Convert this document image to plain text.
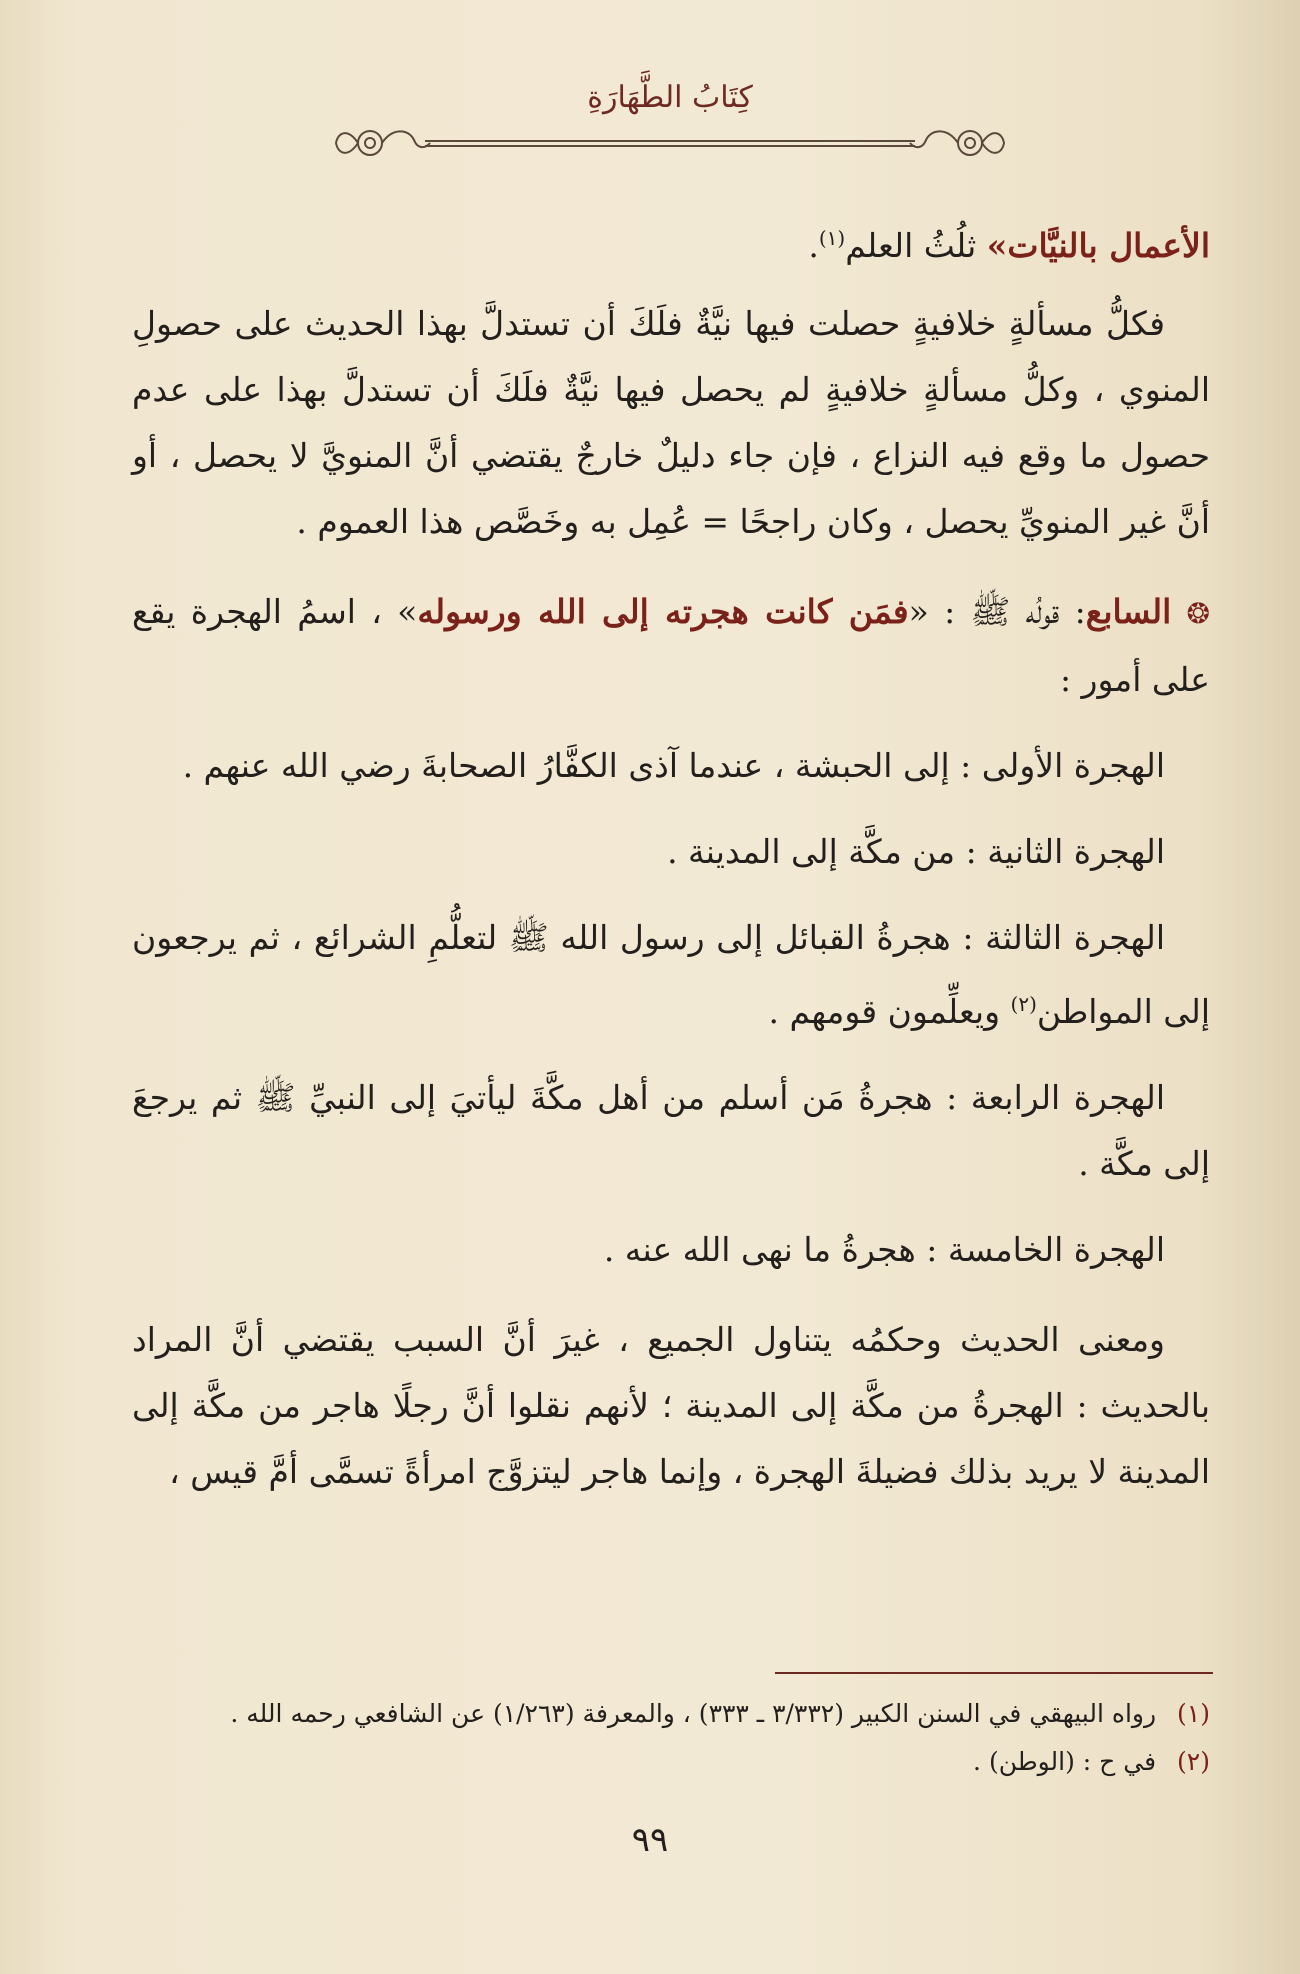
كِتَابُ الطَّهَارَةِ

الأعمال بالنيَّات» ثلُثُ العلم$^{(١)}$.

فكلُّ مسألةٍ خلافيةٍ حصلت فيها نيَّةٌ فلَكَ أن تستدلَّ بهذا الحديث على حصولِ المنوي ، وكلُّ مسألةٍ خلافيةٍ لم يحصل فيها نيَّةٌ فلَكَ أن تستدلَّ بهذا على عدم حصول ما وقع فيه النزاع ، فإن جاء دليلٌ خارجٌ يقتضي أنَّ المنويَّ لا يحصل ، أو أنَّ غير المنويِّ يحصل ، وكان راجحًا = عُمِل به وخَصَّص هذا العموم .

❂ السابع: قولُه ﷺ : «فمَن كانت هجرته إلى الله ورسوله» ، اسمُ الهجرة يقع على أمور :

الهجرة الأولى : إلى الحبشة ، عندما آذى الكفَّارُ الصحابةَ رضي الله عنهم .

الهجرة الثانية : من مكَّة إلى المدينة .

الهجرة الثالثة : هجرةُ القبائل إلى رسول الله ﷺ لتعلُّمِ الشرائع ، ثم يرجعون إلى المواطن$^{(٢)}$ ويعلِّمون قومهم .

الهجرة الرابعة : هجرةُ مَن أسلم من أهل مكَّةَ ليأتيَ إلى النبيِّ ﷺ ثم يرجعَ إلى مكَّة .

الهجرة الخامسة : هجرةُ ما نهى الله عنه .

ومعنى الحديث وحكمُه يتناول الجميع ، غيرَ أنَّ السبب يقتضي أنَّ المراد بالحديث : الهجرةُ من مكَّة إلى المدينة ؛ لأنهم نقلوا أنَّ رجلًا هاجر من مكَّة إلى المدينة لا يريد بذلك فضيلةَ الهجرة ، وإنما هاجر ليتزوَّج امرأةً تسمَّى أمَّ قيس ،

(١) رواه البيهقي في السنن الكبير (٣/٣٣٢ ـ ٣٣٣) ، والمعرفة (١/٢٦٣) عن الشافعي رحمه الله .
(٢) في ح : (الوطن) .
٩٩
